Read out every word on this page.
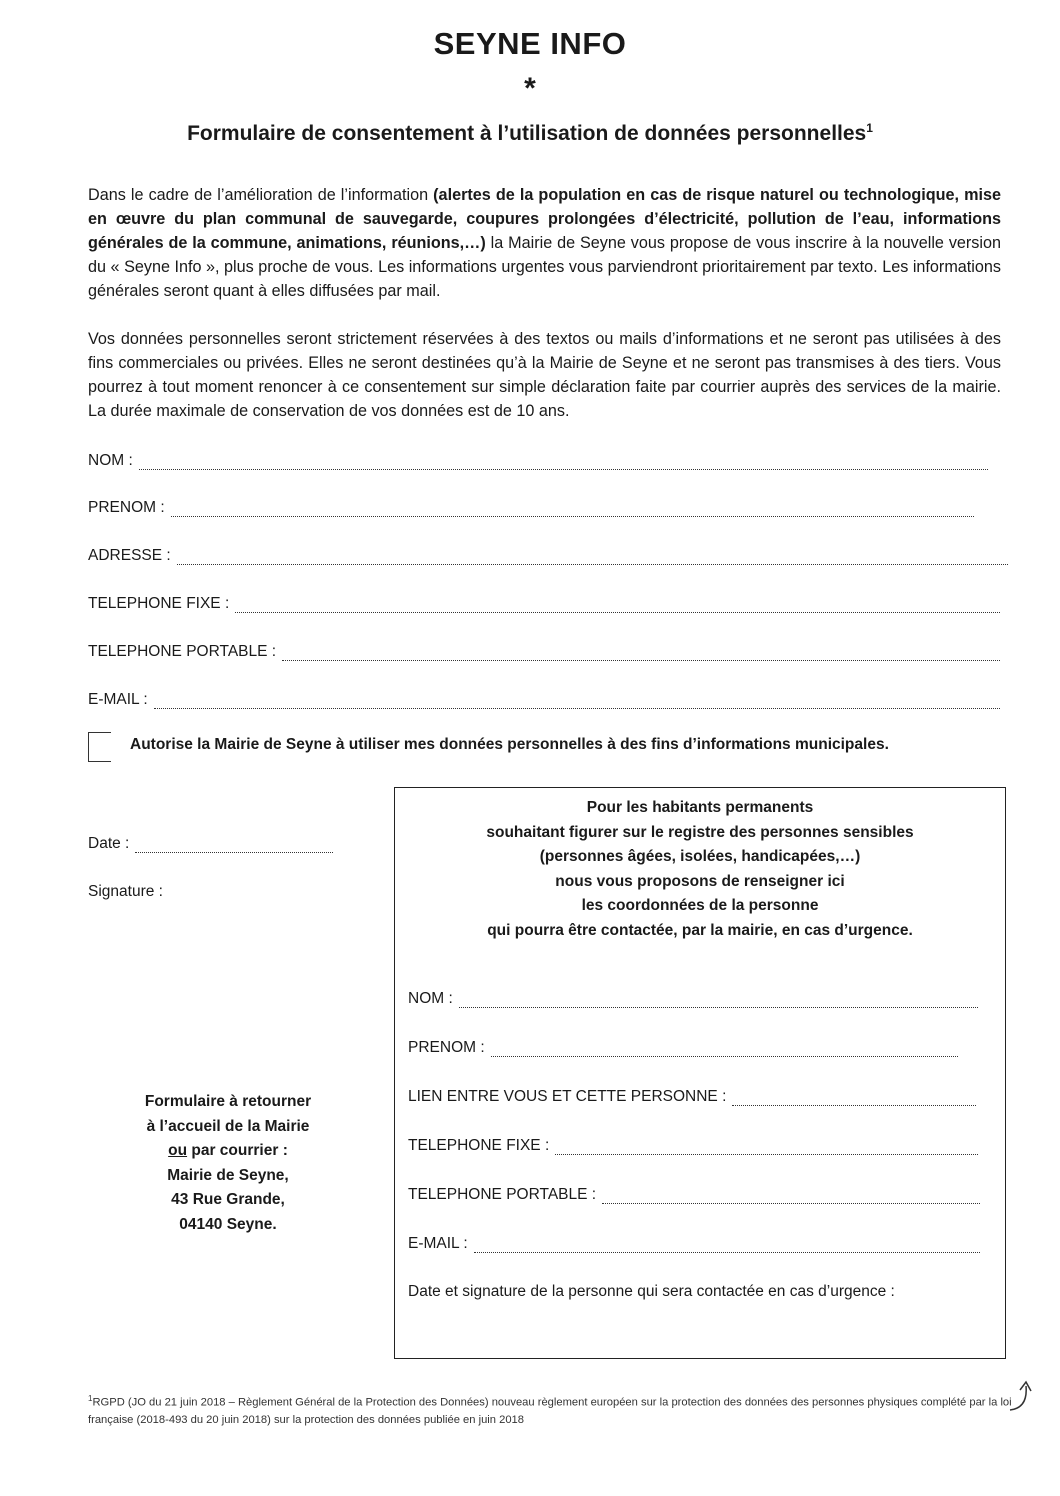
SEYNE INFO
*
Formulaire de consentement à l’utilisation de données personnelles$^1$
Dans le cadre de l’amélioration de l’information (alertes de la population en cas de risque naturel ou technologique, mise en œuvre du plan communal de sauvegarde, coupures prolongées d’électricité, pollution de l’eau, informations générales de la commune, animations, réunions,…) la Mairie de Seyne vous propose de vous inscrire à la nouvelle version du « Seyne Info », plus proche de vous. Les informations urgentes vous parviendront prioritairement par texto. Les informations générales seront quant à elles diffusées par mail.
Vos données personnelles seront strictement réservées à des textos ou mails d’informations et ne seront pas utilisées à des fins commerciales ou privées. Elles ne seront destinées qu’à la Mairie de Seyne et ne seront pas transmises à des tiers. Vous pourrez à tout moment renoncer à ce consentement sur simple déclaration faite par courrier auprès des services de la mairie. La durée maximale de conservation de vos données est de 10 ans.
NOM :
PRENOM :
ADRESSE :
TELEPHONE FIXE :
TELEPHONE PORTABLE :
E-MAIL :
Autorise la Mairie de Seyne à utiliser mes données personnelles à des fins d’informations municipales.
Date :
Signature :
Formulaire à retourner
à l’accueil de la Mairie
ou par courrier :
Mairie de Seyne,
43 Rue Grande,
04140 Seyne.
Pour les habitants permanents
souhaitant figurer sur le registre des personnes sensibles
(personnes âgées, isolées, handicapées,…)
nous vous proposons de renseigner ici
les coordonnées de la personne
qui pourra être contactée, par la mairie, en cas d’urgence.
NOM :
PRENOM :
LIEN ENTRE VOUS ET CETTE PERSONNE :
TELEPHONE FIXE :
TELEPHONE PORTABLE :
E-MAIL :
Date et signature de la personne qui sera contactée en cas d’urgence :
$^1$RGPD (JO du 21 juin 2018 – Règlement Général de la Protection des Données) nouveau règlement européen sur la protection des données des personnes physiques complété par la loi française (2018-493 du 20 juin 2018) sur la protection des données publiée en juin 2018
